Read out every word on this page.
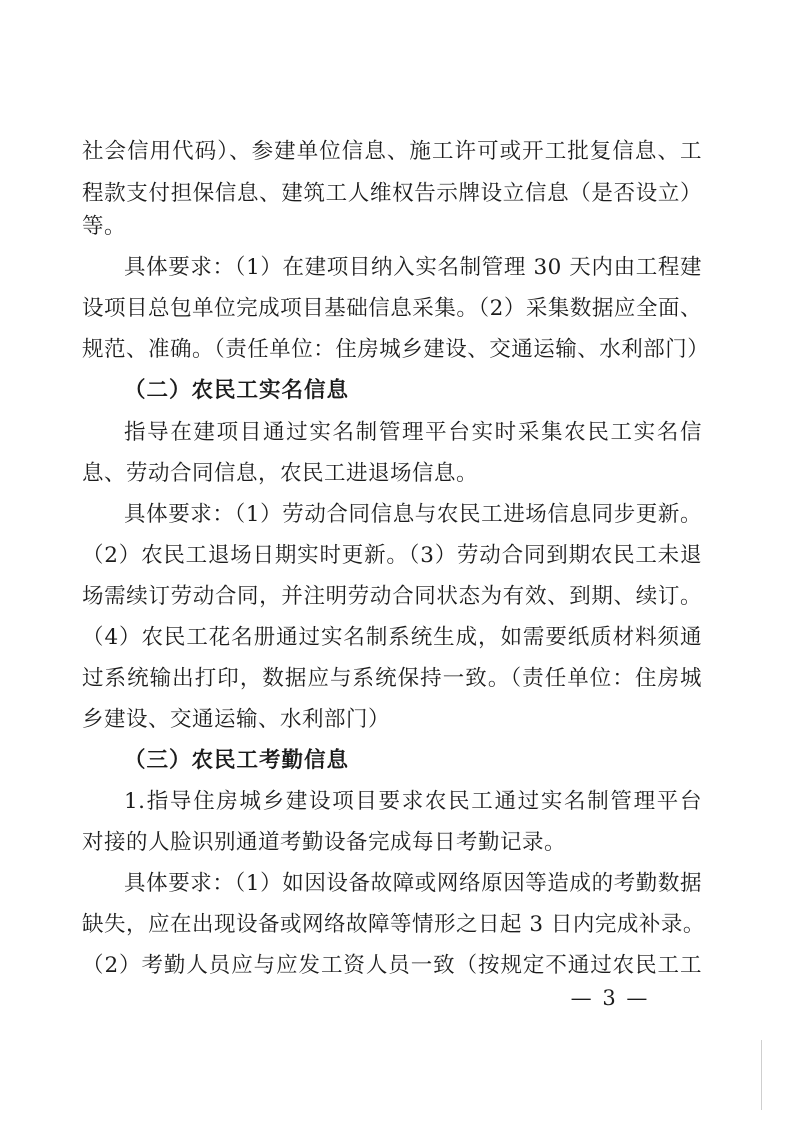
社会信用代码）、参建单位信息、施工许可或开工批复信息、工
程款支付担保信息、建筑工人维权告示牌设立信息（是否设立）
等。
具体要求：（1）在建项目纳入实名制管理 30 天内由工程建
设项目总包单位完成项目基础信息采集。（2）采集数据应全面、
规范、准确。（责任单位：住房城乡建设、交通运输、水利部门）
（二）农民工实名信息
指导在建项目通过实名制管理平台实时采集农民工实名信
息、劳动合同信息，农民工进退场信息。
具体要求：（1）劳动合同信息与农民工进场信息同步更新。
（2）农民工退场日期实时更新。（3）劳动合同到期农民工未退
场需续订劳动合同，并注明劳动合同状态为有效、到期、续订。
（4）农民工花名册通过实名制系统生成，如需要纸质材料须通
过系统输出打印，数据应与系统保持一致。（责任单位：住房城
乡建设、交通运输、水利部门）
（三）农民工考勤信息
1.指导住房城乡建设项目要求农民工通过实名制管理平台
对接的人脸识别通道考勤设备完成每日考勤记录。
具体要求：（1）如因设备故障或网络原因等造成的考勤数据
缺失，应在出现设备或网络故障等情形之日起 3 日内完成补录。
（2）考勤人员应与应发工资人员一致（按规定不通过农民工工
— 3 —
